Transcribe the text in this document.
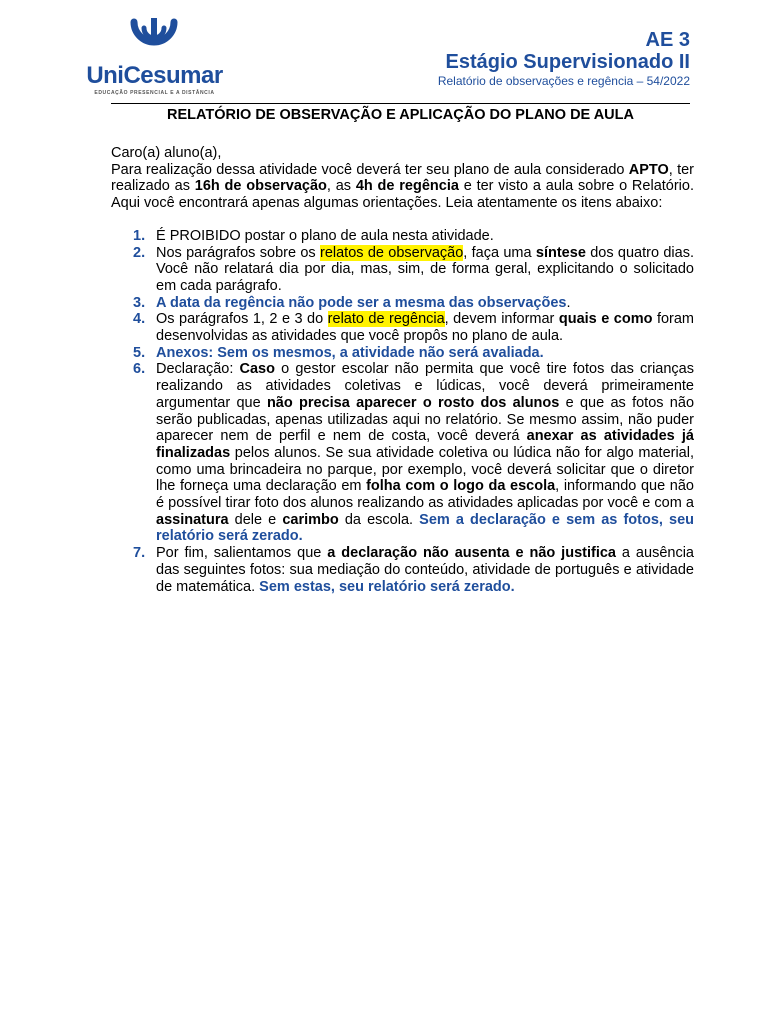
UniCesumar
EDUCAÇÃO PRESENCIAL E A DISTÂNCIA
AE 3
Estágio Supervisionado II
Relatório de observações e regência – 54/2022
RELATÓRIO DE OBSERVAÇÃO E APLICAÇÃO DO PLANO DE AULA

Caro(a) aluno(a),

Para realização dessa atividade você deverá ter seu plano de aula considerado APTO, ter realizado as 16h de observação, as 4h de regência e ter visto a aula sobre o Relatório. Aqui você encontrará apenas algumas orientações. Leia atentamente os itens abaixo:

1. É PROIBIDO postar o plano de aula nesta atividade.
2. Nos parágrafos sobre os relatos de observação, faça uma síntese dos quatro dias. Você não relatará dia por dia, mas, sim, de forma geral, explicitando o solicitado em cada parágrafo.
3. A data da regência não pode ser a mesma das observações.
4. Os parágrafos 1, 2 e 3 do relato de regência, devem informar quais e como foram desenvolvidas as atividades que você propôs no plano de aula.
5. Anexos: Sem os mesmos, a atividade não será avaliada.
6. Declaração: Caso o gestor escolar não permita que você tire fotos das crianças realizando as atividades coletivas e lúdicas, você deverá primeiramente argumentar que não precisa aparecer o rosto dos alunos e que as fotos não serão publicadas, apenas utilizadas aqui no relatório. Se mesmo assim, não puder aparecer nem de perfil e nem de costa, você deverá anexar as atividades já finalizadas pelos alunos. Se sua atividade coletiva ou lúdica não for algo material, como uma brincadeira no parque, por exemplo, você deverá solicitar que o diretor lhe forneça uma declaração em folha com o logo da escola, informando que não é possível tirar foto dos alunos realizando as atividades aplicadas por você e com a assinatura dele e carimbo da escola. Sem a declaração e sem as fotos, seu relatório será zerado.
7. Por fim, salientamos que a declaração não ausenta e não justifica a ausência das seguintes fotos: sua mediação do conteúdo, atividade de português e atividade de matemática. Sem estas, seu relatório será zerado.
